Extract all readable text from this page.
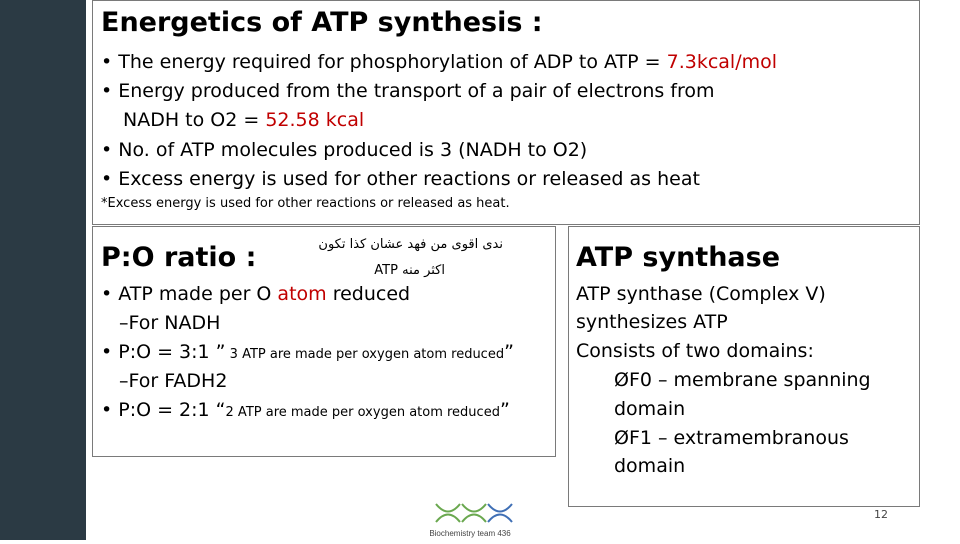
Energetics of ATP synthesis :
• The energy required for phosphorylation of ADP to ATP = 7.3kcal/mol
• Energy produced from the transport of a pair of electrons from
NADH to O2 = 52.58 kcal
• No. of ATP molecules produced is 3 (NADH to O2)
• Excess energy is used for other reactions or released as heat
*Excess energy is used for other reactions or released as heat.
P:O ratio :	ندى اقوى من فهد عشان كذا تكون
اكثر منه ATP
• ATP made per O atom reduced
–For NADH
• P:O = 3:1 ” 3 ATP are made per oxygen atom reduced”
–For FADH2
• P:O = 2:1 “2 ATP are made per oxygen atom reduced”
ATP synthase
ATP synthase (Complex V)
synthesizes ATP
Consists of two domains:
ØF0 – membrane spanning
domain
ØF1 – extramembranous
domain
Biochemistry team 436
12
